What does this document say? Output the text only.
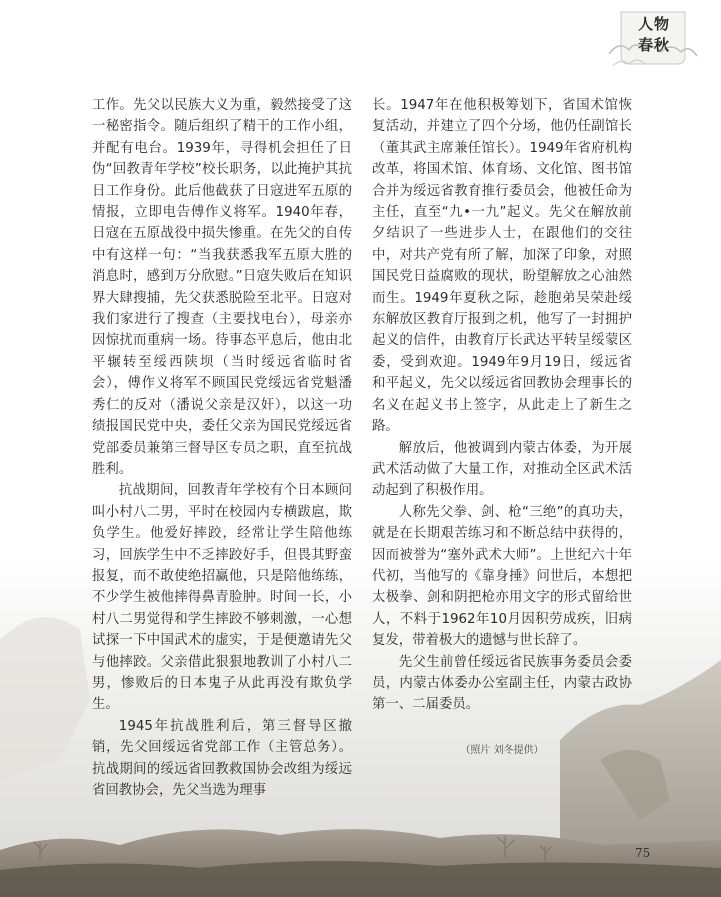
人物
春秋

工作。先父以民族大义为重，毅然接受了这一秘密指令。随后组织了精干的工作小组，并配有电台。1939年，寻得机会担任了日伪“回教青年学校”校长职务，以此掩护其抗日工作身份。此后他截获了日寇进军五原的情报，立即电告傅作义将军。1940年春，日寇在五原战役中损失惨重。在先父的自传中有这样一句：“当我获悉我军五原大胜的消息时，感到万分欣慰。”日寇失败后在知识界大肆搜捕，先父获悉脱险至北平。日寇对我们家进行了搜查（主要找电台），母亲亦因惊扰而重病一场。待事态平息后，他由北平辗转至绥西陕坝（当时绥远省临时省会），傅作义将军不顾国民党绥远省党魁潘秀仁的反对（潘说父亲是汉奸），以这一功绩报国民党中央，委任父亲为国民党绥远省党部委员兼第三督导区专员之职，直至抗战胜利。

抗战期间，回教青年学校有个日本顾问叫小村八二男，平时在校园内专横跋扈，欺负学生。他爱好摔跤，经常让学生陪他练习，回族学生中不乏摔跤好手，但畏其野蛮报复，而不敢使绝招赢他，只是陪他练练，不少学生被他摔得鼻青脸肿。时间一长，小村八二男觉得和学生摔跤不够刺激，一心想试探一下中国武术的虚实，于是便邀请先父与他摔跤。父亲借此狠狠地教训了小村八二男，惨败后的日本鬼子从此再没有欺负学生。

1945年抗战胜利后，第三督导区撤销，先父回绥远省党部工作（主管总务）。抗战期间的绥远省回教救国协会改组为绥远省回教协会，先父当选为理事

长。1947年在他积极筹划下，省国术馆恢复活动，并建立了四个分场，他仍任副馆长（董其武主席兼任馆长）。1949年省府机构改革，将国术馆、体育场、文化馆、图书馆合并为绥远省教育推行委员会，他被任命为主任，直至“九•一九”起义。先父在解放前夕结识了一些进步人士，在跟他们的交往中，对共产党有所了解，加深了印象，对照国民党日益腐败的现状，盼望解放之心油然而生。1949年夏秋之际，趁胞弟吴荣赴绥东解放区教育厅报到之机，他写了一封拥护起义的信件，由教育厅长武达平转呈绥蒙区委，受到欢迎。1949年9月19日，绥远省和平起义，先父以绥远省回教协会理事长的名义在起义书上签字，从此走上了新生之路。

解放后，他被调到内蒙古体委，为开展武术活动做了大量工作，对推动全区武术活动起到了积极作用。

人称先父拳、剑、枪“三绝”的真功夫，就是在长期艰苦练习和不断总结中获得的，因而被誉为“塞外武术大师”。上世纪六十年代初，当他写的《靠身捶》问世后，本想把太极拳、剑和阴把枪亦用文字的形式留给世人，不料于1962年10月因积劳成疾，旧病复发，带着极大的遗憾与世长辞了。

先父生前曾任绥远省民族事务委员会委员，内蒙古体委办公室副主任，内蒙古政协第一、二届委员。

（照片 刘冬提供）
75
